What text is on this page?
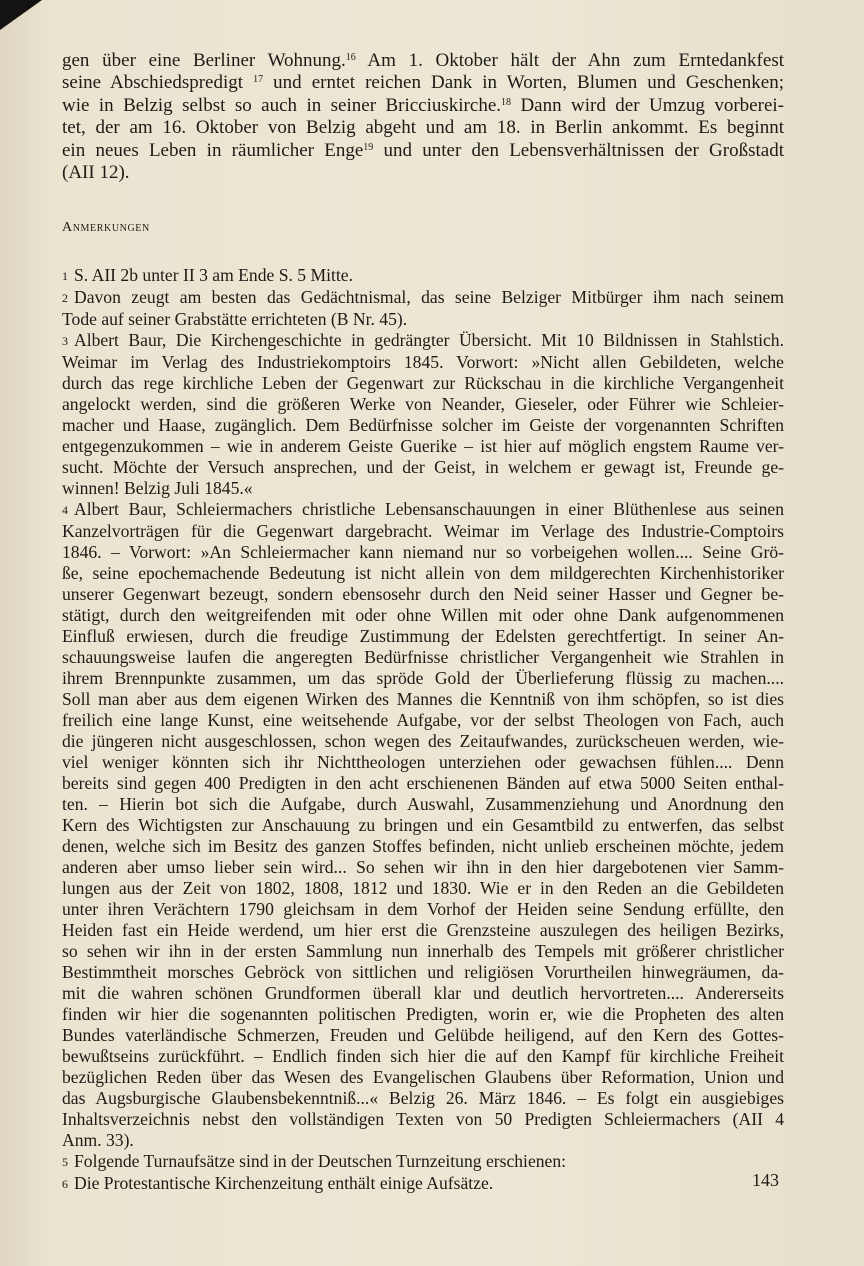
gen über eine Berliner Wohnung.$^{16}$ Am 1. Oktober hält der Ahn zum Erntedankfest
seine Abschiedspredigt $^{17}$ und erntet reichen Dank in Worten, Blumen und Geschenken;
wie in Belzig selbst so auch in seiner Bricciuskirche.$^{18}$ Dann wird der Umzug vorberei-
tet, der am 16. Oktober von Belzig abgeht und am 18. in Berlin ankommt. Es beginnt
ein neues Leben in räumlicher Enge$^{19}$ und unter den Lebensverhältnissen der Großstadt
(AII 12).
Anmerkungen
1 S. AII 2b unter II 3 am Ende S. 5 Mitte.
2 Davon zeugt am besten das Gedächtnismal, das seine Belziger Mitbürger ihm nach seinem
Tode auf seiner Grabstätte errichteten (B Nr. 45).
3 Albert Baur, Die Kirchengeschichte in gedrängter Übersicht. Mit 10 Bildnissen in Stahlstich.
Weimar im Verlag des Industriekomptoirs 1845. Vorwort: »Nicht allen Gebildeten, welche
durch das rege kirchliche Leben der Gegenwart zur Rückschau in die kirchliche Vergangenheit
angelockt werden, sind die größeren Werke von Neander, Gieseler, oder Führer wie Schleier-
macher und Haase, zugänglich. Dem Bedürfnisse solcher im Geiste der vorgenannten Schriften
entgegenzukommen – wie in anderem Geiste Guerike – ist hier auf möglich engstem Raume ver-
sucht. Möchte der Versuch ansprechen, und der Geist, in welchem er gewagt ist, Freunde ge-
winnen! Belzig Juli 1845.«
4 Albert Baur, Schleiermachers christliche Lebensanschauungen in einer Blüthenlese aus seinen
Kanzelvorträgen für die Gegenwart dargebracht. Weimar im Verlage des Industrie-Comptoirs
1846. – Vorwort: »An Schleiermacher kann niemand nur so vorbeigehen wollen.... Seine Grö-
ße, seine epochemachende Bedeutung ist nicht allein von dem mildgerechten Kirchenhistoriker
unserer Gegenwart bezeugt, sondern ebensosehr durch den Neid seiner Hasser und Gegner be-
stätigt, durch den weitgreifenden mit oder ohne Willen mit oder ohne Dank aufgenommenen
Einfluß erwiesen, durch die freudige Zustimmung der Edelsten gerechtfertigt. In seiner An-
schauungsweise laufen die angeregten Bedürfnisse christlicher Vergangenheit wie Strahlen in
ihrem Brennpunkte zusammen, um das spröde Gold der Überlieferung flüssig zu machen....
Soll man aber aus dem eigenen Wirken des Mannes die Kenntniß von ihm schöpfen, so ist dies
freilich eine lange Kunst, eine weitsehende Aufgabe, vor der selbst Theologen von Fach, auch
die jüngeren nicht ausgeschlossen, schon wegen des Zeitaufwandes, zurückscheuen werden, wie-
viel weniger könnten sich ihr Nichttheologen unterziehen oder gewachsen fühlen.... Denn
bereits sind gegen 400 Predigten in den acht erschienenen Bänden auf etwa 5000 Seiten enthal-
ten. – Hierin bot sich die Aufgabe, durch Auswahl, Zusammenziehung und Anordnung den
Kern des Wichtigsten zur Anschauung zu bringen und ein Gesamtbild zu entwerfen, das selbst
denen, welche sich im Besitz des ganzen Stoffes befinden, nicht unlieb erscheinen möchte, jedem
anderen aber umso lieber sein wird... So sehen wir ihn in den hier dargebotenen vier Samm-
lungen aus der Zeit von 1802, 1808, 1812 und 1830. Wie er in den Reden an die Gebildeten
unter ihren Verächtern 1790 gleichsam in dem Vorhof der Heiden seine Sendung erfüllte, den
Heiden fast ein Heide werdend, um hier erst die Grenzsteine auszulegen des heiligen Bezirks,
so sehen wir ihn in der ersten Sammlung nun innerhalb des Tempels mit größerer christlicher
Bestimmtheit morsches Gebröck von sittlichen und religiösen Vorurtheilen hinwegräumen, da-
mit die wahren schönen Grundformen überall klar und deutlich hervortreten.... Andererseits
finden wir hier die sogenannten politischen Predigten, worin er, wie die Propheten des alten
Bundes vaterländische Schmerzen, Freuden und Gelübde heiligend, auf den Kern des Gottes-
bewußtseins zurückführt. – Endlich finden sich hier die auf den Kampf für kirchliche Freiheit
bezüglichen Reden über das Wesen des Evangelischen Glaubens über Reformation, Union und
das Augsburgische Glaubensbekenntniß...« Belzig 26. März 1846. – Es folgt ein ausgiebiges
Inhaltsverzeichnis nebst den vollständigen Texten von 50 Predigten Schleiermachers (AII 4
Anm. 33).
5 Folgende Turnaufsätze sind in der Deutschen Turnzeitung erschienen:
6 Die Protestantische Kirchenzeitung enthält einige Aufsätze.	143
